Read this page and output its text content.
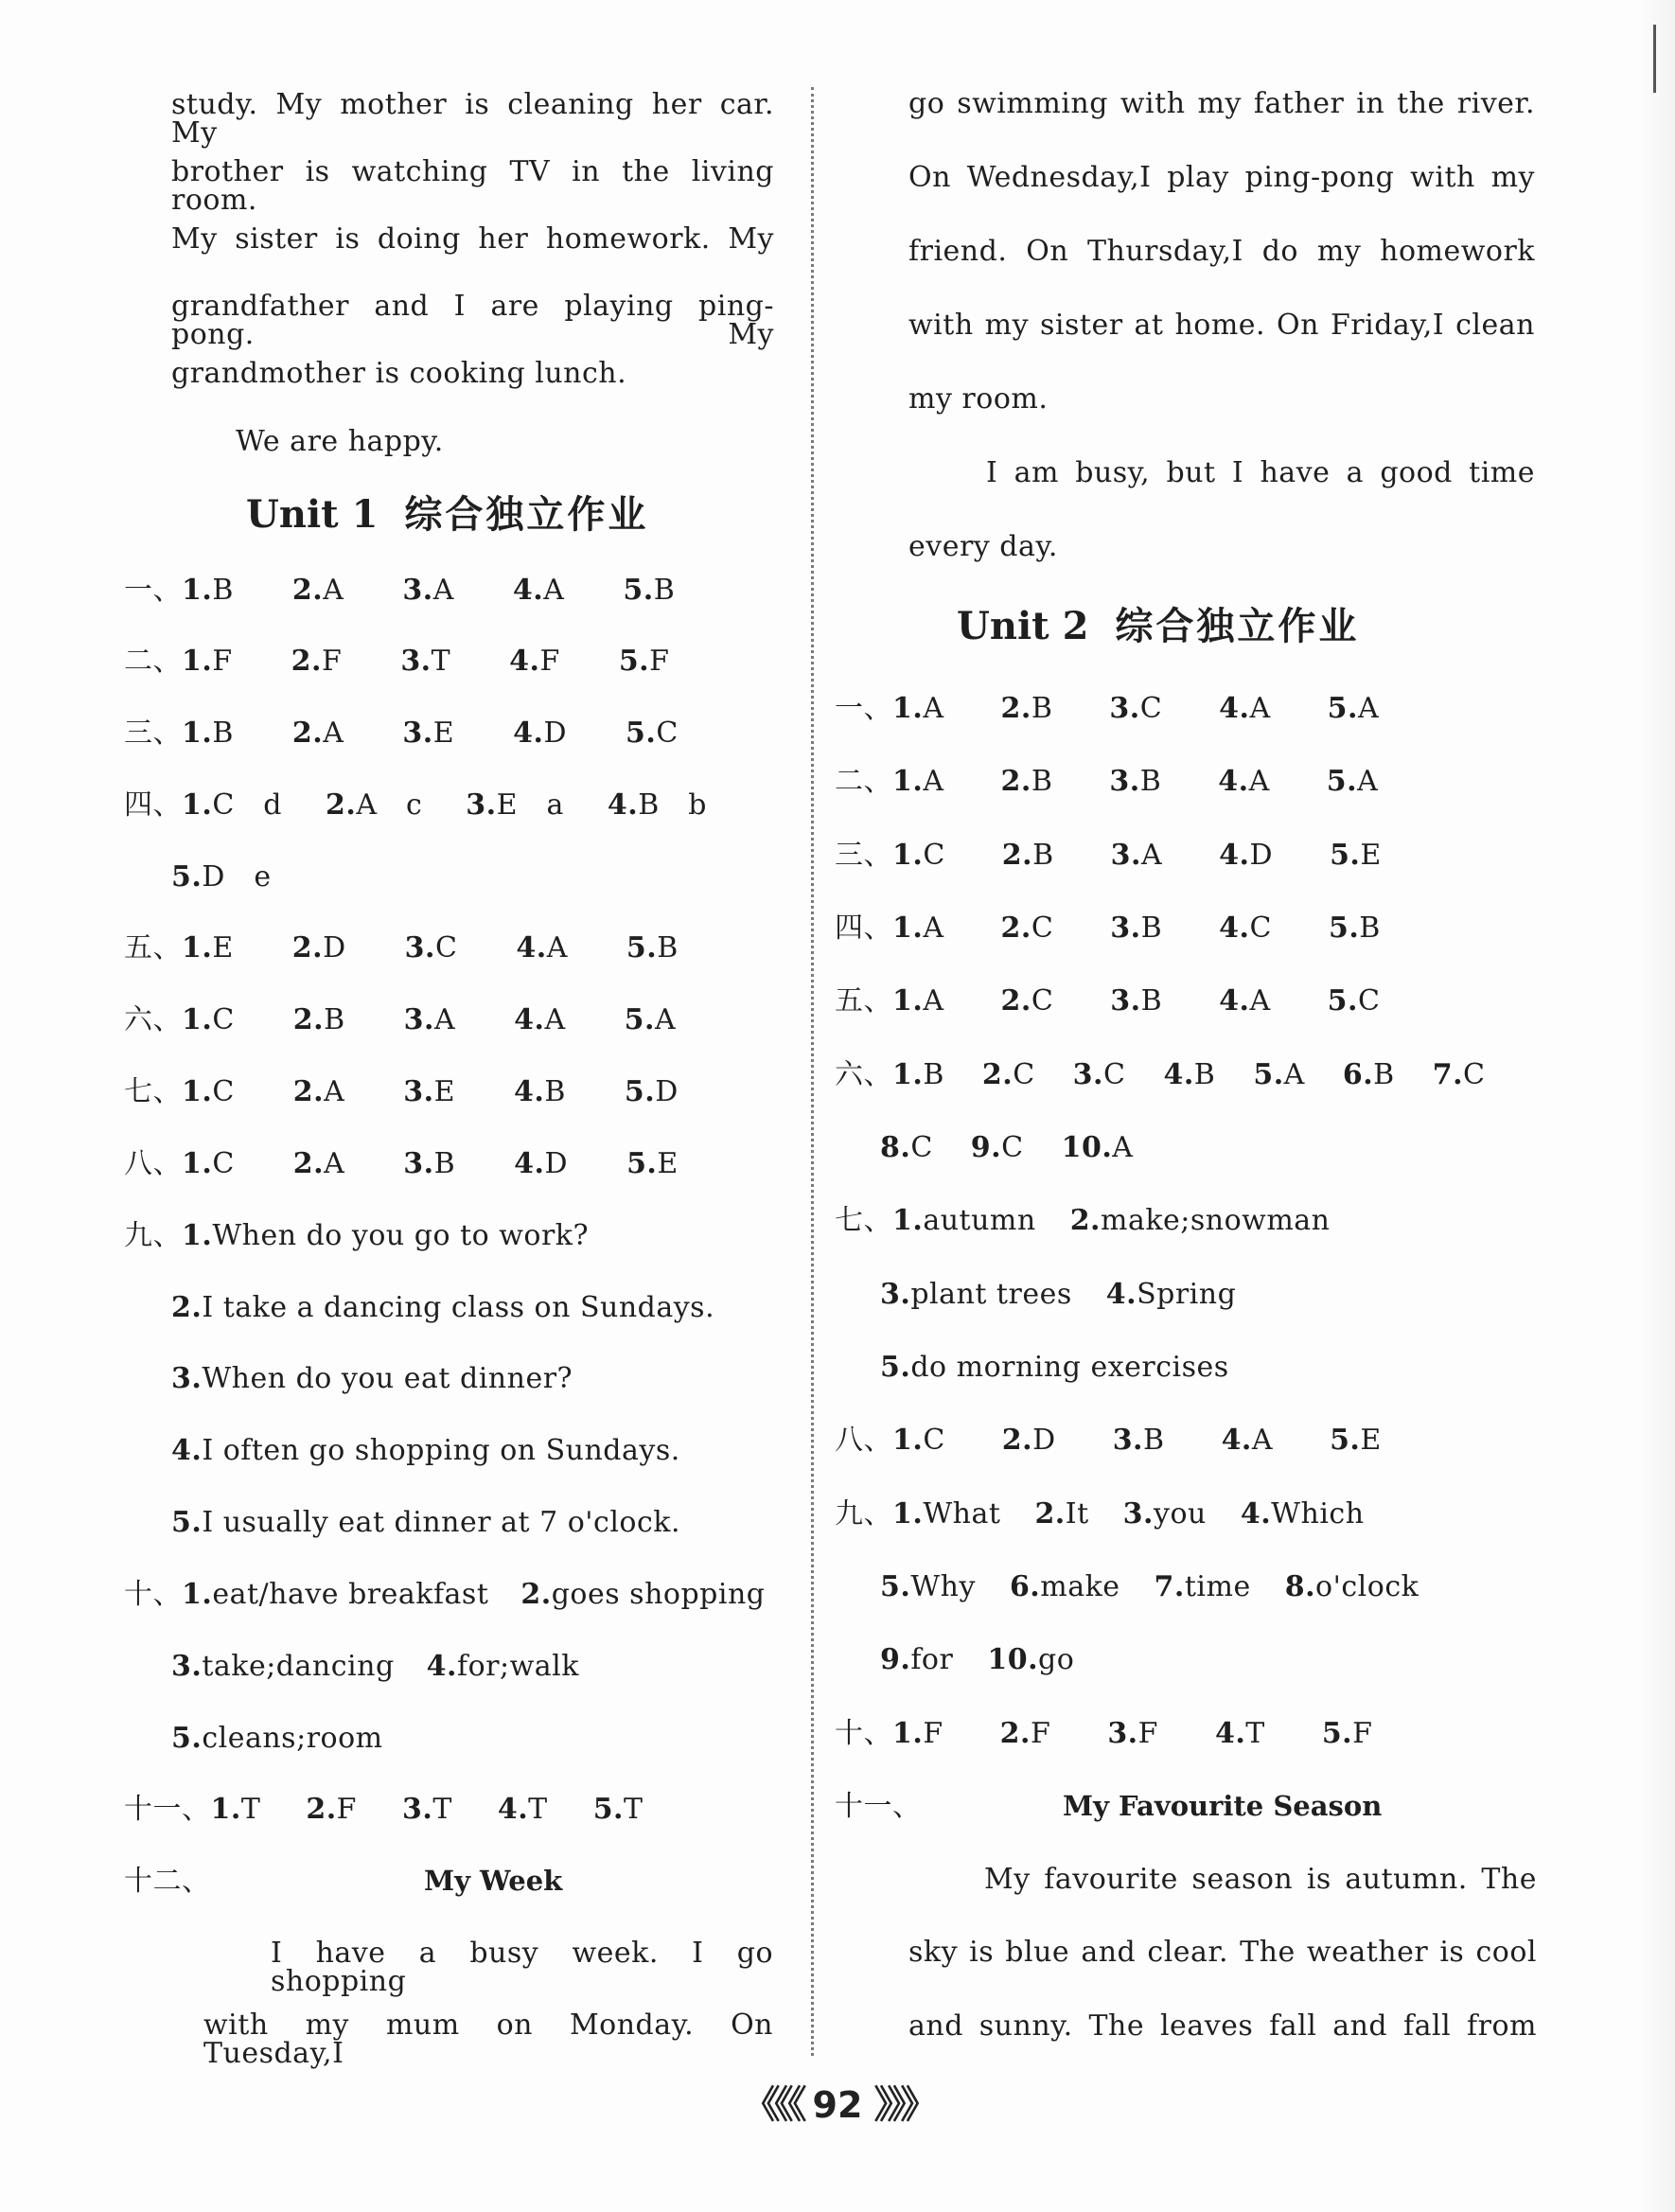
study. My mother is cleaning her car. My
brother is watching TV in the living room.
My sister is doing her homework. My
grandfather and I are playing ping-pong. My
grandmother is cooking lunch.
We are happy.
Unit 1 综合独立作业
一、1.B 2.A 3.A 4.A 5.B
二、1.F 2.F 3.T 4.F 5.F
三、1.B 2.A 3.E 4.D 5.C
四、1.C　d 2.A　c 3.E　a 4.B　b
5.D　e
五、1.E 2.D 3.C 4.A 5.B
六、1.C 2.B 3.A 4.A 5.A
七、1.C 2.A 3.E 4.B 5.D
八、1.C 2.A 3.B 4.D 5.E
九、1.When do you go to work?
2.I take a dancing class on Sundays.
3.When do you eat dinner?
4.I often go shopping on Sundays.
5.I usually eat dinner at 7 o'clock.
十、1.eat/have breakfast 2.goes shopping
3.take;dancing 4.for;walk
5.cleans;room
十一、1.T 2.F 3.T 4.T 5.T
十二、	My Week
I have a busy week. I go shopping
with my mum on Monday. On Tuesday,I
go swimming with my father in the river.
On Wednesday,I play ping-pong with my
friend. On Thursday,I do my homework
with my sister at home. On Friday,I clean
my room.
I am busy, but I have a good time
every day.
Unit 2 综合独立作业
一、1.A 2.B 3.C 4.A 5.A
二、1.A 2.B 3.B 4.A 5.A
三、1.C 2.B 3.A 4.D 5.E
四、1.A 2.C 3.B 4.C 5.B
五、1.A 2.C 3.B 4.A 5.C
六、1.B 2.C 3.C 4.B 5.A 6.B 7.C
8.C 9.C 10.A
七、1.autumn 2.make;snowman
3.plant trees 4.Spring
5.do morning exercises
八、1.C 2.D 3.B 4.A 5.E
九、1.What 2.It 3.you 4.Which
5.Why 6.make 7.time 8.o'clock
9.for 10.go
十、1.F 2.F 3.F 4.T 5.F
十一、	My Favourite Season
My favourite season is autumn. The
sky is blue and clear. The weather is cool
and sunny. The leaves fall and fall from
《《《 92 》》》
